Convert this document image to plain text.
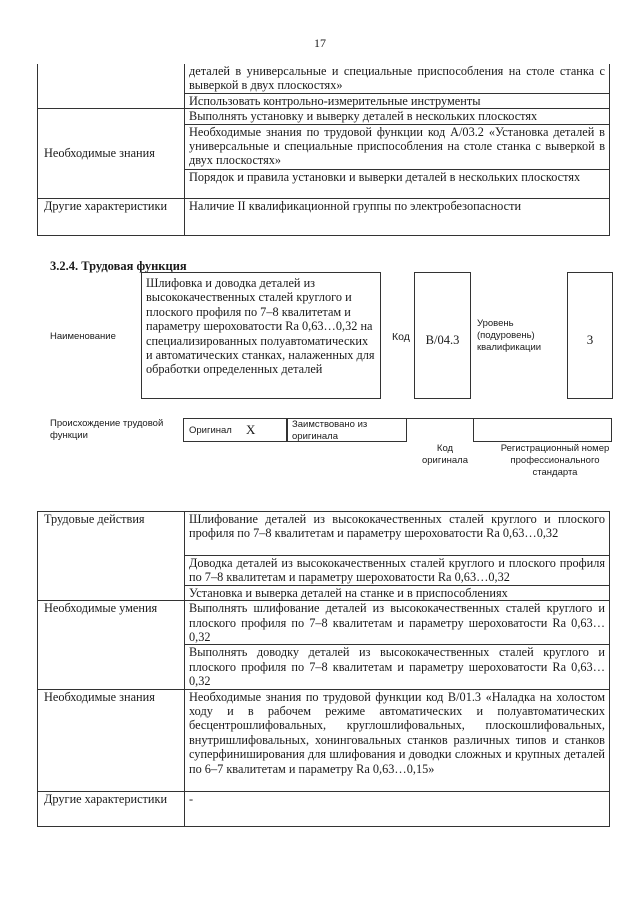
17
	деталей в универсальные и специальные приспособления на столе станка с выверкой в двух плоскостях»
	Использовать контрольно-измерительные инструменты
Необходимые знания	Выполнять установку и выверку деталей в нескольких плоскостях
	Необходимые знания по трудовой функции код А/03.2 «Установка деталей в универсальные и специальные приспособления на столе станка с выверкой в двух плоскостях»
	Порядок и правила установки и выверки деталей в нескольких плоскостях
Другие характеристики	Наличие II квалификационной группы по электробезопасности
3.2.4. Трудовая функция
Наименование
Шлифовка и доводка деталей из высококачественных сталей круглого и плоского профиля по 7–8 квалитетам и параметру шероховатости Ra 0,63…0,32 на специализированных полуавтоматических и автоматических станках, налаженных для обработки определенных деталей
Код	В/04.3
Уровень (подуровень) квалификации
3
Происхождение трудовой функции	Оригинал X	Заимствовано из оригинала
Код оригинала
Регистрационный номер профессионального стандарта
Трудовые действия	Шлифование деталей из высококачественных сталей круглого и плоского профиля по 7–8 квалитетам и параметру шероховатости Ra 0,63…0,32
	Доводка деталей из высококачественных сталей круглого и плоского профиля по 7–8 квалитетам и параметру шероховатости Ra 0,63…0,32
	Установка и выверка деталей на станке и в приспособлениях
Необходимые умения	Выполнять шлифование деталей из высококачественных сталей круглого и плоского профиля по 7–8 квалитетам и параметру шероховатости Ra 0,63…0,32
	Выполнять доводку деталей из высококачественных сталей круглого и плоского профиля по 7–8 квалитетам и параметру шероховатости Ra 0,63…0,32
Необходимые знания	Необходимые знания по трудовой функции код В/01.3 «Наладка на холостом ходу и в рабочем режиме автоматических и полуавтоматических бесцентрошлифовальных, круглошлифовальных, плоскошлифовальных, внутришлифовальных, хонинговальных станков различных типов и станков суперфиниширования для шлифования и доводки сложных и крупных деталей по 6–7 квалитетам и параметру Ra 0,63…0,15»
Другие характеристики	-
